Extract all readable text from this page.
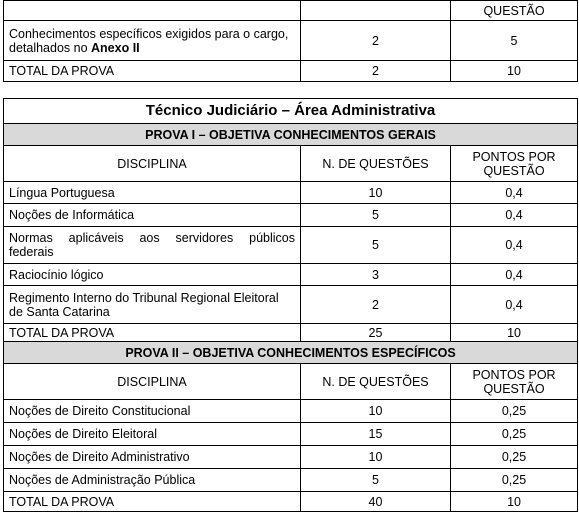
		QUESTÃO
Conhecimentos específicos exigidos para o cargo,
detalhados no Anexo II	2	5
TOTAL DA PROVA	2	10
Técnico Judiciário – Área Administrativa		
PROVA I – OBJETIVA CONHECIMENTOS GERAIS		
DISCIPLINA	N. DE QUESTÕES	PONTOS POR
QUESTÃO
Língua Portuguesa	10	0,4
Noções de Informática	5	0,4

Normas aplicáveis aos servidores públicos
federais	5	0,4
Raciocínio lógico	3	0,4

Regimento Interno do Tribunal Regional Eleitoral
de Santa Catarina	2	0,4
TOTAL DA PROVA	25	10
PROVA II – OBJETIVA CONHECIMENTOS ESPECÍFICOS		
DISCIPLINA	N. DE QUESTÕES	PONTOS POR
QUESTÃO
Noções de Direito Constitucional	10	0,25
Noções de Direito Eleitoral	15	0,25
Noções de Direito Administrativo	10	0,25
Noções de Administração Pública	5	0,25
TOTAL DA PROVA	40	10
